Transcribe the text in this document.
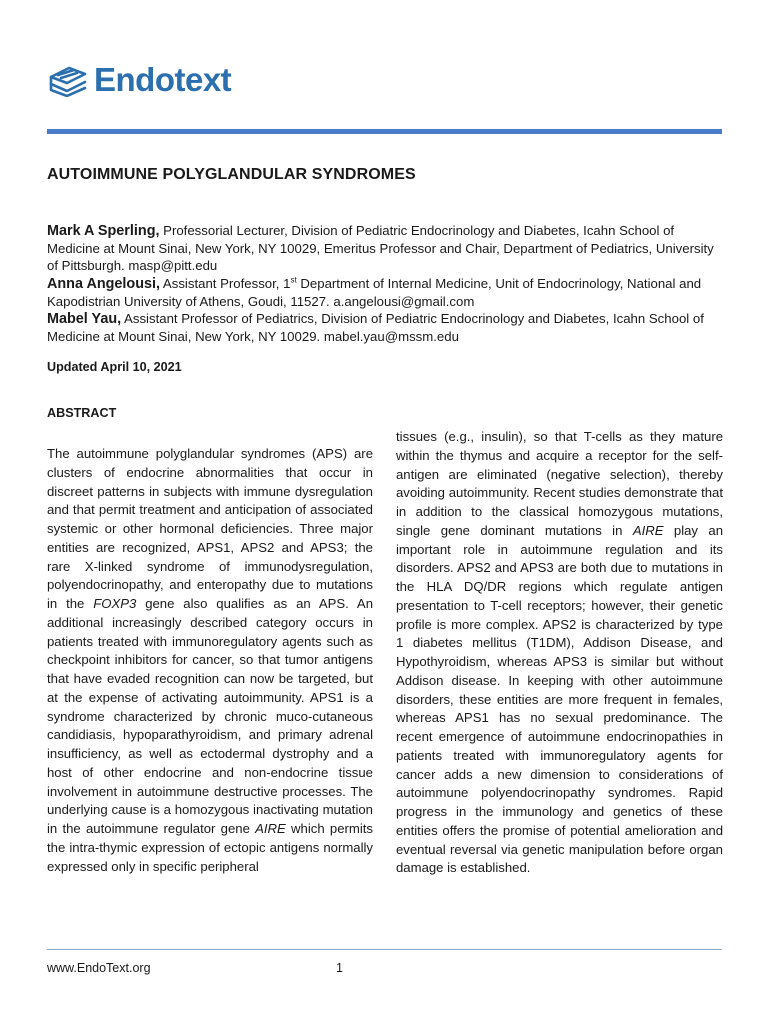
Endotext
AUTOIMMUNE POLYGLANDULAR SYNDROMES

Mark A Sperling, Professorial Lecturer, Division of Pediatric Endocrinology and Diabetes, Icahn School of Medicine at Mount Sinai, New York, NY 10029, Emeritus Professor and Chair, Department of Pediatrics, University of Pittsburgh. masp@pitt.edu

Anna Angelousi, Assistant Professor, 1st Department of Internal Medicine, Unit of Endocrinology, National and Kapodistrian University of Athens, Goudi, 11527. a.angelousi@gmail.com

Mabel Yau, Assistant Professor of Pediatrics, Division of Pediatric Endocrinology and Diabetes, Icahn School of Medicine at Mount Sinai, New York, NY 10029. mabel.yau@mssm.edu

Updated April 10, 2021

ABSTRACT

The autoimmune polyglandular syndromes (APS) are clusters of endocrine abnormalities that occur in discreet patterns in subjects with immune dysregulation and that permit treatment and anticipation of associated systemic or other hormonal deficiencies. Three major entities are recognized, APS1, APS2 and APS3; the rare X-linked syndrome of immunodysregulation, polyendocrinopathy, and enteropathy due to mutations in the FOXP3 gene also qualifies as an APS. An additional increasingly described category occurs in patients treated with immunoregulatory agents such as checkpoint inhibitors for cancer, so that tumor antigens that have evaded recognition can now be targeted, but at the expense of activating autoimmunity. APS1 is a syndrome characterized by chronic muco-cutaneous candidiasis, hypoparathyroidism, and primary adrenal insufficiency, as well as ectodermal dystrophy and a host of other endocrine and non-endocrine tissue involvement in autoimmune destructive processes. The underlying cause is a homozygous inactivating mutation in the autoimmune regulator gene AIRE which permits the intra-thymic expression of ectopic antigens normally expressed only in specific peripheral

tissues (e.g., insulin), so that T-cells as they mature within the thymus and acquire a receptor for the self- antigen are eliminated (negative selection), thereby avoiding autoimmunity. Recent studies demonstrate that in addition to the classical homozygous mutations, single gene dominant mutations in AIRE play an important role in autoimmune regulation and its disorders. APS2 and APS3 are both due to mutations in the HLA DQ/DR regions which regulate antigen presentation to T-cell receptors; however, their genetic profile is more complex. APS2 is characterized by type 1 diabetes mellitus (T1DM), Addison Disease, and Hypothyroidism, whereas APS3 is similar but without Addison disease. In keeping with other autoimmune disorders, these entities are more frequent in females, whereas APS1 has no sexual predominance. The recent emergence of autoimmune endocrinopathies in patients treated with immunoregulatory agents for cancer adds a new dimension to considerations of autoimmune polyendocrinopathy syndromes. Rapid progress in the immunology and genetics of these entities offers the promise of potential amelioration and eventual reversal via genetic manipulation before organ damage is established.

www.EndoText.org	1
